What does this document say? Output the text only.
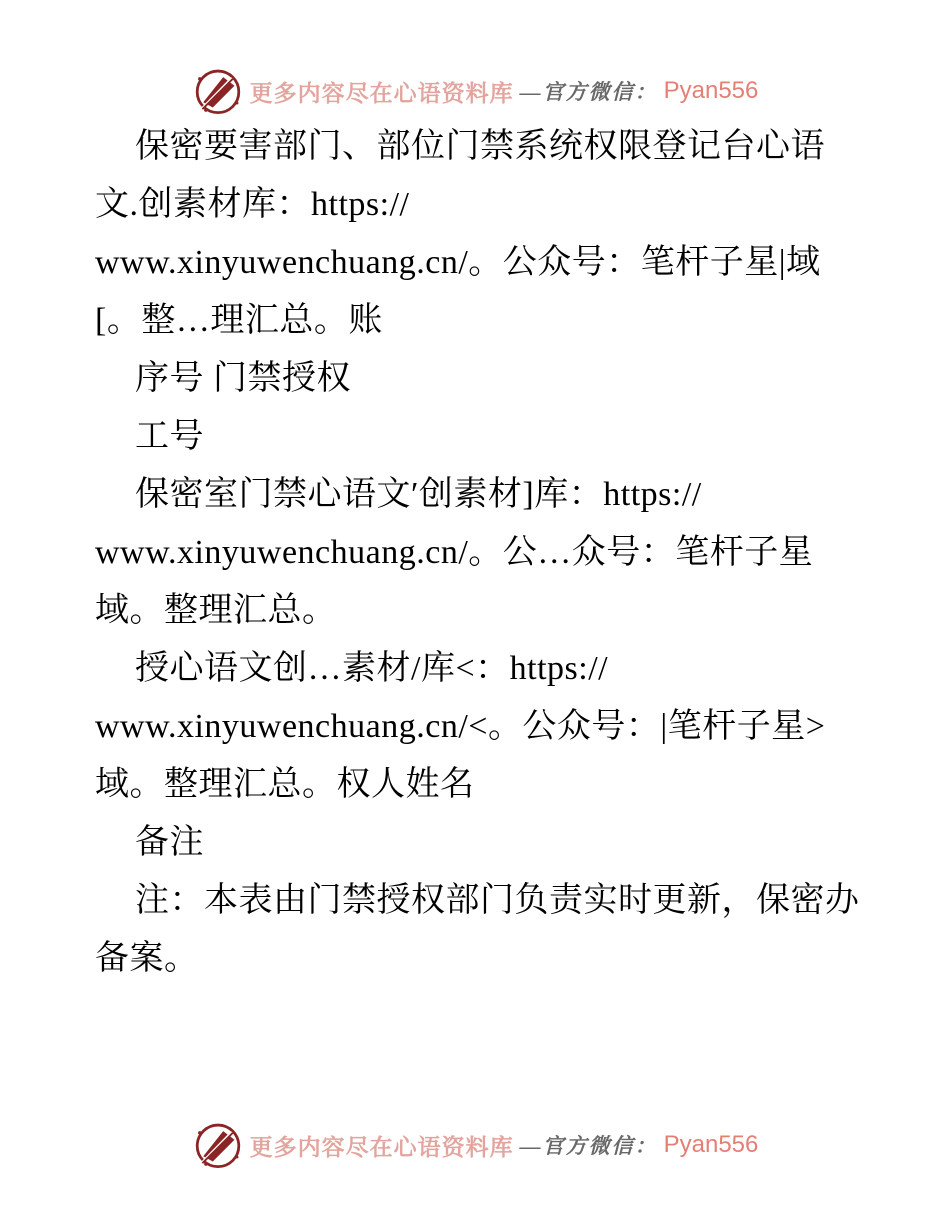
更多内容尽在心语资料库 —官方微信： Pyan556
保密要害部门、部位门禁系统权限登记台心语
文.创素材库：https://
www.xinyuwenchuang.cn/。公众号：笔杆子星|域
[。整…理汇总。账
序号 门禁授权
工号
保密室门禁心语文′创素材]库：https://
www.xinyuwenchuang.cn/。公…众号：笔杆子星
域。整理汇总。
授心语文创…素材/库<：https://
www.xinyuwenchuang.cn/<。公众号：|笔杆子星>
域。整理汇总。权人姓名
备注
注：本表由门禁授权部门负责实时更新，保密办
备案。
更多内容尽在心语资料库 —官方微信： Pyan556
